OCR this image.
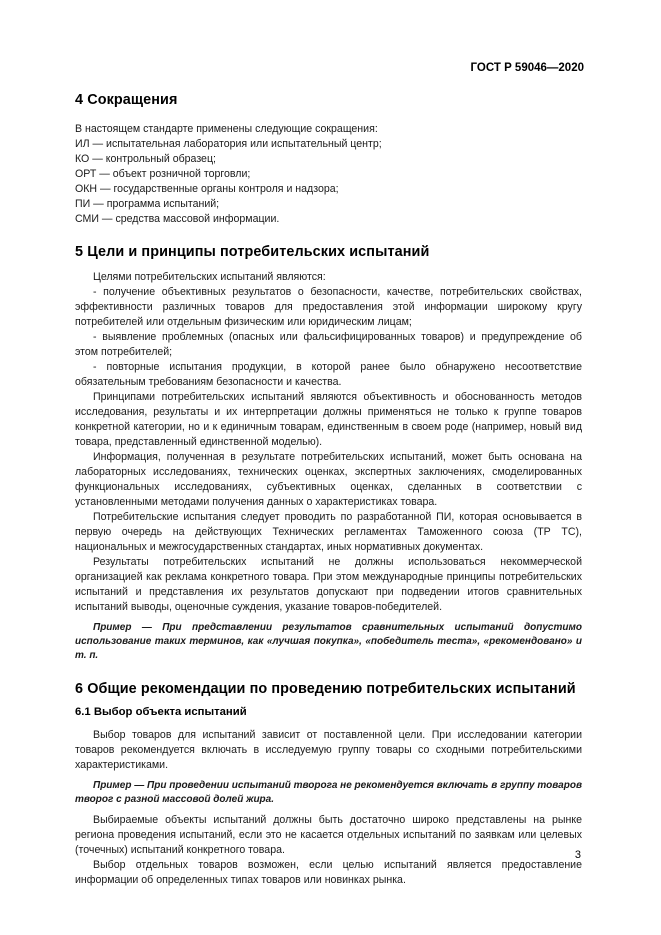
ГОСТ Р 59046—2020
4 Сокращения

В настоящем стандарте применены следующие сокращения:

ИЛ — испытательная лаборатория или испытательный центр;

КО — контрольный образец;

ОРТ — объект розничной торговли;

ОКН — государственные органы контроля и надзора;

ПИ — программа испытаний;

СМИ — средства массовой информации.

5 Цели и принципы потребительских испытаний

Целями потребительских испытаний являются:

- получение объективных результатов о безопасности, качестве, потребительских свойствах, эффективности различных товаров для предоставления этой информации широкому кругу потребителей или отдельным физическим или юридическим лицам;

- выявление проблемных (опасных или фальсифицированных товаров) и предупреждение об этом потребителей;

- повторные испытания продукции, в которой ранее было обнаружено несоответствие обязательным требованиям безопасности и качества.

Принципами потребительских испытаний являются объективность и обоснованность методов исследования, результаты и их интерпретации должны применяться не только к группе товаров конкретной категории, но и к единичным товарам, единственным в своем роде (например, новый вид товара, представленный единственной моделью).

Информация, полученная в результате потребительских испытаний, может быть основана на лабораторных исследованиях, технических оценках, экспертных заключениях, смоделированных функциональных исследованиях, субъективных оценках, сделанных в соответствии с установленными методами получения данных о характеристиках товара.

Потребительские испытания следует проводить по разработанной ПИ, которая основывается в первую очередь на действующих Технических регламентах Таможенного союза (ТР ТС), национальных и межгосударственных стандартах, иных нормативных документах.

Результаты потребительских испытаний не должны использоваться некоммерческой организацией как реклама конкретного товара. При этом международные принципы потребительских испытаний и представления их результатов допускают при подведении итогов сравнительных испытаний выводы, оценочные суждения, указание товаров-победителей.

Пример — При представлении результатов сравнительных испытаний допустимо использование таких терминов, как «лучшая покупка», «победитель теста», «рекомендовано» и т. п.

6 Общие рекомендации по проведению потребительских испытаний
6.1 Выбор объекта испытаний

Выбор товаров для испытаний зависит от поставленной цели. При исследовании категории товаров рекомендуется включать в исследуемую группу товары со сходными потребительскими характеристиками.

Пример — При проведении испытаний творога не рекомендуется включать в группу товаров творог с разной массовой долей жира.

Выбираемые объекты испытаний должны быть достаточно широко представлены на рынке региона проведения испытаний, если это не касается отдельных испытаний по заявкам или целевых (точечных) испытаний конкретного товара.

Выбор отдельных товаров возможен, если целью испытаний является предоставление информации об определенных типах товаров или новинках рынка.

3
